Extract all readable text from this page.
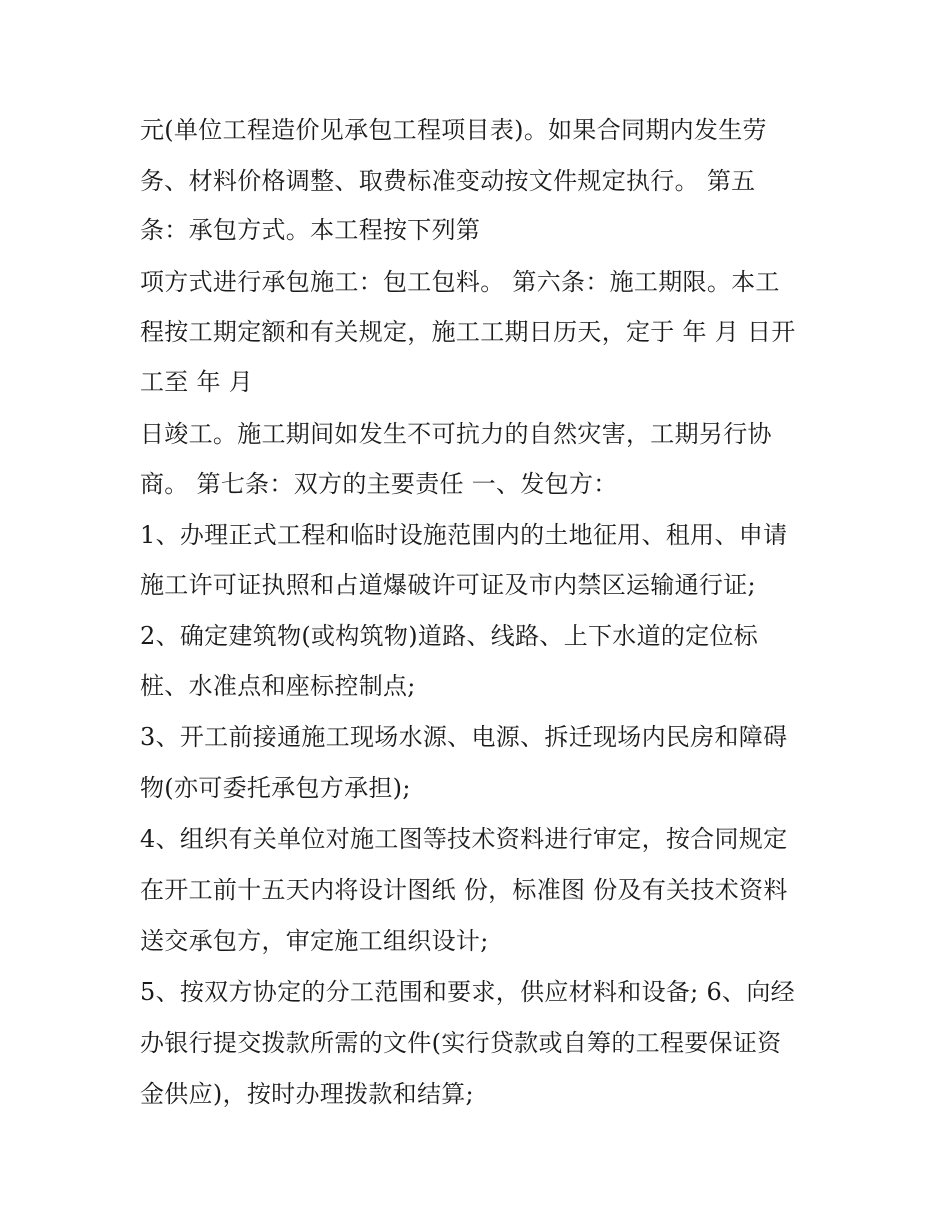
元(单位工程造价见承包工程项目表)。如果合同期内发生劳
务、材料价格调整、取费标准变动按文件规定执行。 第五
条：承包方式。本工程按下列第
项方式进行承包施工：包工包料。 第六条：施工期限。本工
程按工期定额和有关规定，施工工期日历天，定于 年 月 日开
工至 年 月
日竣工。施工期间如发生不可抗力的自然灾害，工期另行协
商。 第七条：双方的主要责任 一、发包方：
1、办理正式工程和临时设施范围内的土地征用、租用、申请
施工许可证执照和占道爆破许可证及市内禁区运输通行证;
2、确定建筑物(或构筑物)道路、线路、上下水道的定位标
桩、水准点和座标控制点;
3、开工前接通施工现场水源、电源、拆迁现场内民房和障碍
物(亦可委托承包方承担);
4、组织有关单位对施工图等技术资料进行审定，按合同规定
在开工前十五天内将设计图纸 份，标准图 份及有关技术资料
送交承包方，审定施工组织设计;
5、按双方协定的分工范围和要求，供应材料和设备; 6、向经
办银行提交拨款所需的文件(实行贷款或自筹的工程要保证资
金供应)，按时办理拨款和结算;
